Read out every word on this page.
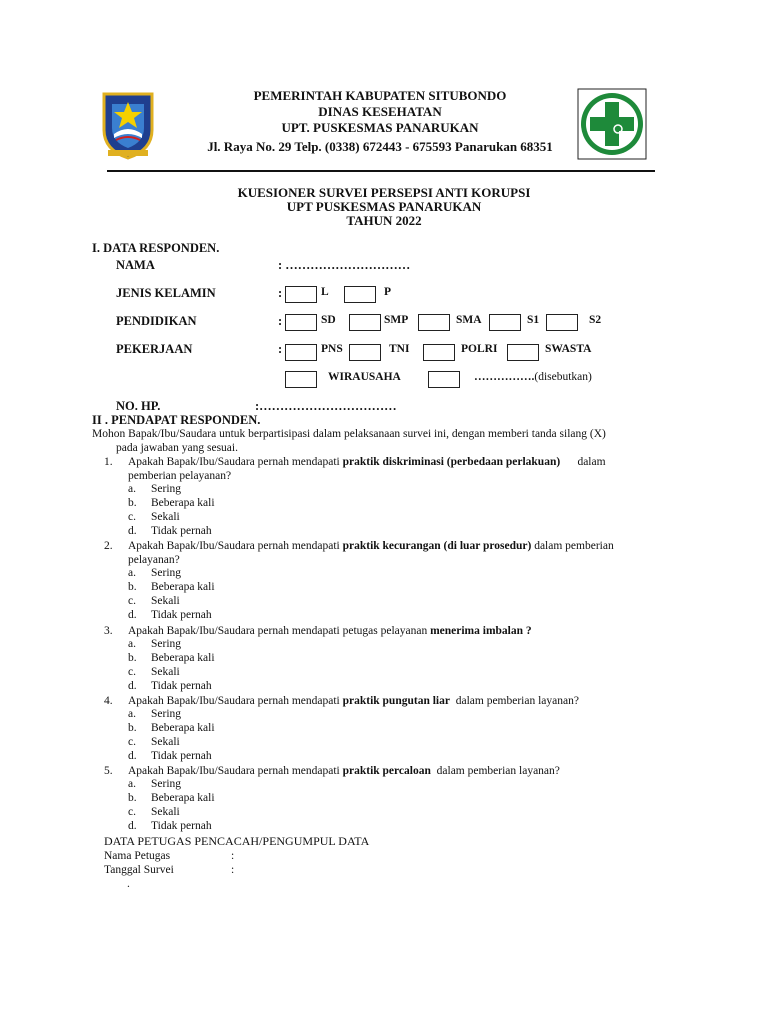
PEMERINTAH KABUPATEN SITUBONDO
DINAS KESEHATAN
UPT. PUSKESMAS PANARUKAN
Jl. Raya No. 29 Telp. (0338) 672443 - 675593 Panarukan 68351
KUESIONER SURVEI PERSEPSI ANTI KORUPSI
UPT PUSKESMAS PANARUKAN
TAHUN 2022
I. DATA RESPONDEN.
NAMA	: …………………………
JENIS KELAMIN	:	L	P
PENDIDIKAN	:	SD	SMP	SMA	S1	S2
PEKERJAAN	:	PNS	TNI	POLRI	SWASTA
WIRAUSAHA	…………….(disebutkan)
NO. HP.	:……………………………
II . PENDAPAT RESPONDEN.
Mohon Bapak/Ibu/Saudara untuk berpartisipasi dalam pelaksanaan survei ini, dengan memberi tanda silang (X)
pada jawaban yang sesuai.
1. Apakah Bapak/Ibu/Saudara pernah mendapati praktik diskriminasi (perbedaan perlakuan)      dalam
pemberian pelayanan?
a. Sering
b. Beberapa kali
c. Sekali
d. Tidak pernah
2. Apakah Bapak/Ibu/Saudara pernah mendapati praktik kecurangan (di luar prosedur) dalam pemberian
pelayanan?
a. Sering
b. Beberapa kali
c. Sekali
d. Tidak pernah
3. Apakah Bapak/Ibu/Saudara pernah mendapati petugas pelayanan menerima imbalan ?
a. Sering
b. Beberapa kali
c. Sekali
d. Tidak pernah
4. Apakah Bapak/Ibu/Saudara pernah mendapati praktik pungutan liar  dalam pemberian layanan?
a. Sering
b. Beberapa kali
c. Sekali
d. Tidak pernah
5. Apakah Bapak/Ibu/Saudara pernah mendapati praktik percaloan  dalam pemberian layanan?
a. Sering
b. Beberapa kali
c. Sekali
d. Tidak pernah
DATA PETUGAS PENCACAH/PENGUMPUL DATA
Nama Petugas	:
Tanggal Survei	:
.
